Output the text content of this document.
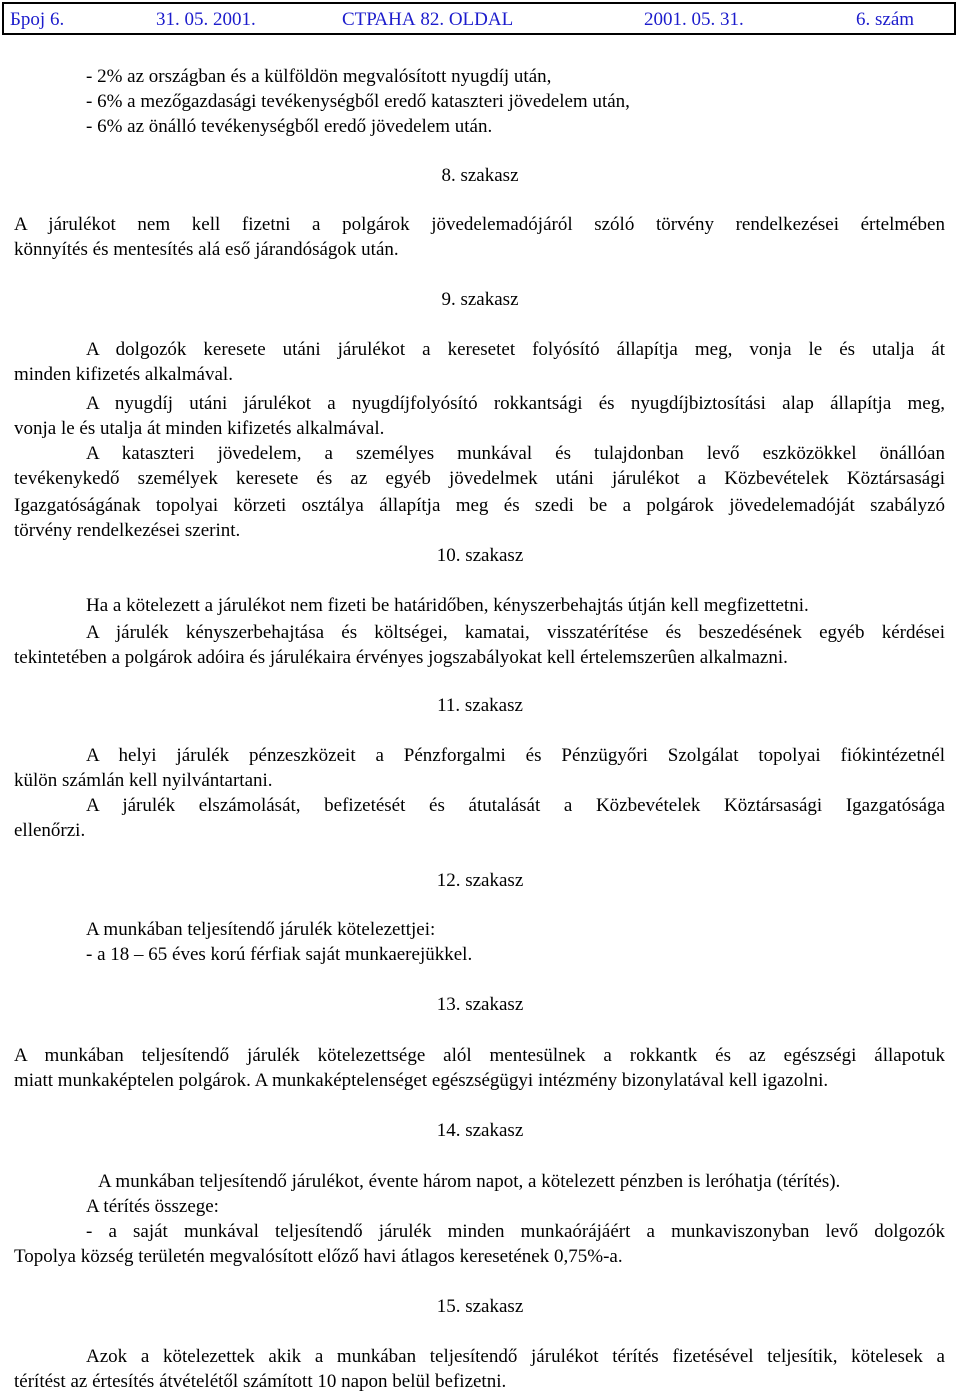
Број 6.	31. 05. 2001.	СТРАНА 82. OLDAL	2001. 05. 31.	6. szám
- 2% az országban és a külföldön megvalósított nyugdíj után,
- 6% a mezőgazdasági tevékenységből eredő kataszteri jövedelem után,
- 6% az önálló tevékenységből eredő jövedelem után.
8. szakasz
A járulékot nem kell fizetni a polgárok jövedelemadójáról szóló törvény rendelkezései értelmében
könnyítés és mentesítés alá eső járandóságok után.
9. szakasz
A dolgozók keresete utáni járulékot a keresetet folyósító állapítja meg, vonja le és utalja át
minden kifizetés alkalmával.
A nyugdíj utáni járulékot a nyugdíjfolyósító rokkantsági és nyugdíjbiztosítási alap állapítja meg,
vonja le és utalja át minden kifizetés alkalmával.
A kataszteri jövedelem, a személyes munkával és tulajdonban levő eszközökkel önállóan
tevékenykedő személyek keresete és az egyéb jövedelmek utáni járulékot a Közbevételek Köztársasági
Igazgatóságának topolyai körzeti osztálya állapítja meg és szedi be a polgárok jövedelemadóját szabályzó
törvény rendelkezései szerint.
10. szakasz
Ha a kötelezett a járulékot nem fizeti be határidőben, kényszerbehajtás útján kell megfizettetni.
A járulék kényszerbehajtása és költségei, kamatai, visszatérítése és beszedésének egyéb kérdései
tekintetében a polgárok adóira és járulékaira érvényes jogszabályokat kell értelemszerûen alkalmazni.
11. szakasz
A helyi járulék pénzeszközeit a Pénzforgalmi és Pénzügyőri Szolgálat topolyai fiókintézetnél
külön számlán kell nyilvántartani.
A járulék elszámolását, befizetését és átutalását a Közbevételek Köztársasági Igazgatósága
ellenőrzi.
12. szakasz
A munkában teljesítendő járulék kötelezettjei:
- a 18 – 65 éves korú férfiak saját munkaerejükkel.
13. szakasz
A munkában teljesítendő járulék kötelezettsége alól mentesülnek a rokkantk és az egészségi állapotuk
miatt munkaképtelen polgárok. A munkaképtelenséget egészségügyi intézmény bizonylatával kell igazolni.
14. szakasz
A munkában teljesítendő járulékot, évente három napot, a kötelezett pénzben is leróhatja (térítés).
A térítés összege:
- a saját munkával teljesítendő járulék minden munkaórájáért a munkaviszonyban levő dolgozók
Topolya község területén megvalósított előző havi átlagos keresetének 0,75%-a.
15. szakasz
Azok a kötelezettek akik a munkában teljesítendő járulékot térítés fizetésével teljesítik, kötelesek a
térítést az értesítés átvételétől számított 10 napon belül befizetni.
